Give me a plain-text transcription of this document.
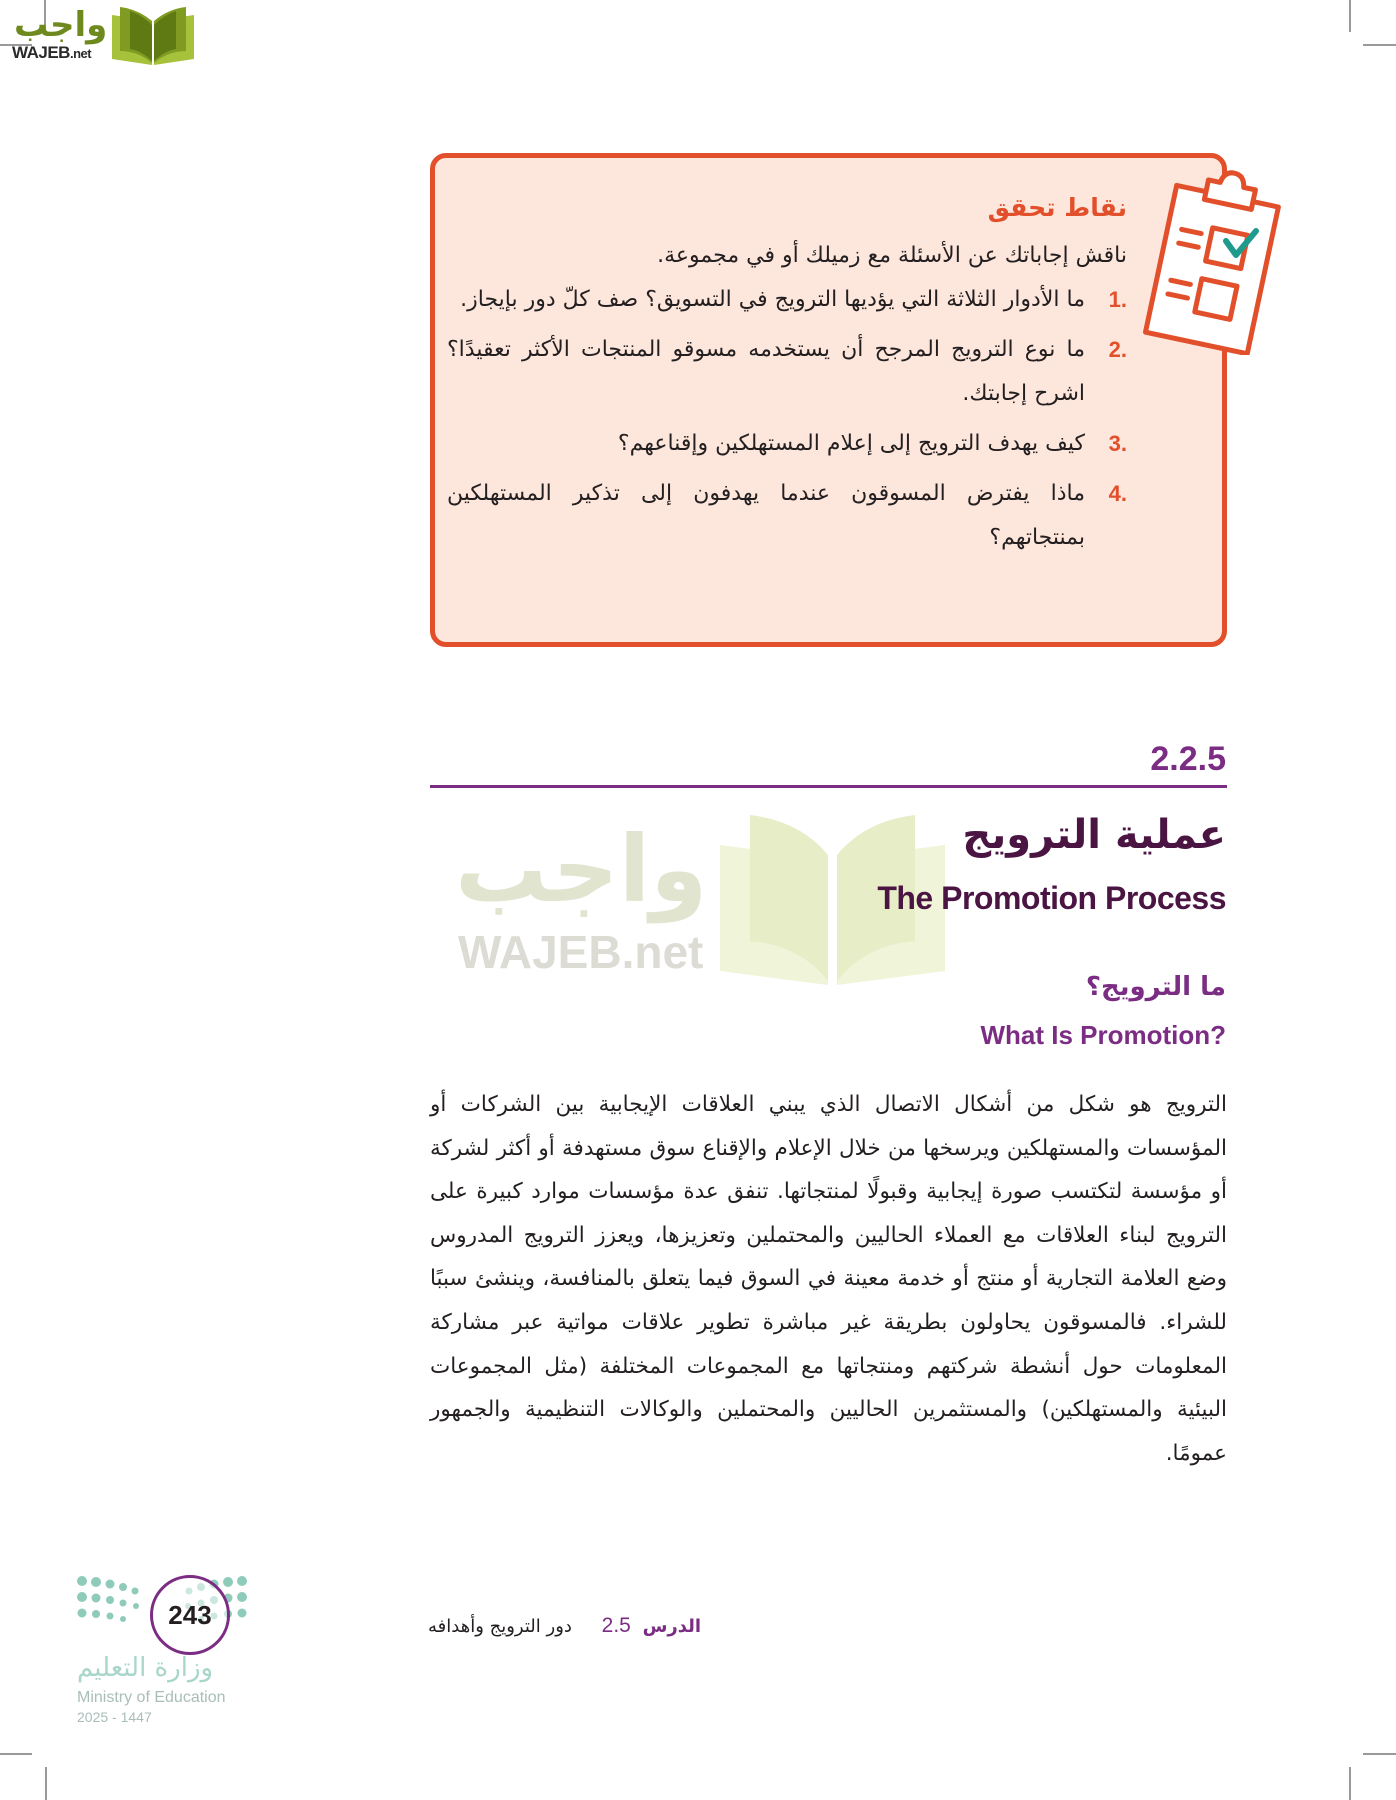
واجب
WAJEB.net
نقاط تحقق
ناقش إجاباتك عن الأسئلة مع زميلك أو في مجموعة.
1.
ما الأدوار الثلاثة التي يؤديها الترويج في التسويق؟ صف كلّ دور بإيجاز.
2.
ما نوع الترويج المرجح أن يستخدمه مسوقو المنتجات الأكثر تعقيدًا؟ اشرح إجابتك.
3.
كيف يهدف الترويج إلى إعلام المستهلكين وإقناعهم؟
4.
ماذا يفترض المسوقون عندما يهدفون إلى تذكير المستهلكين بمنتجاتهم؟
2.2.5
واجب
WAJEB.net
عملية الترويج
The Promotion Process
ما الترويج؟
What Is Promotion?

الترويج هو شكل من أشكال الاتصال الذي يبني العلاقات الإيجابية بين الشركات أو المؤسسات والمستهلكين ويرسخها من خلال الإعلام والإقناع سوق مستهدفة أو أكثر لشركة أو مؤسسة لتكتسب صورة إيجابية وقبولًا لمنتجاتها. تنفق عدة مؤسسات موارد كبيرة على الترويج لبناء العلاقات مع العملاء الحاليين والمحتملين وتعزيزها، ويعزز الترويج المدروس وضع العلامة التجارية أو منتج أو خدمة معينة في السوق فيما يتعلق بالمنافسة، وينشئ سببًا للشراء. فالمسوقون يحاولون بطريقة غير مباشرة تطوير علاقات مواتية عبر مشاركة المعلومات حول أنشطة شركتهم ومنتجاتها مع المجموعات المختلفة (مثل المجموعات البيئية والمستهلكين) والمستثمرين الحاليين والمحتملين والوكالات التنظيمية والجمهور عمومًا.

الدرس 2.5 دور الترويج وأهدافه
243
وزارة التعليم
Ministry of Education
2025 - 1447
